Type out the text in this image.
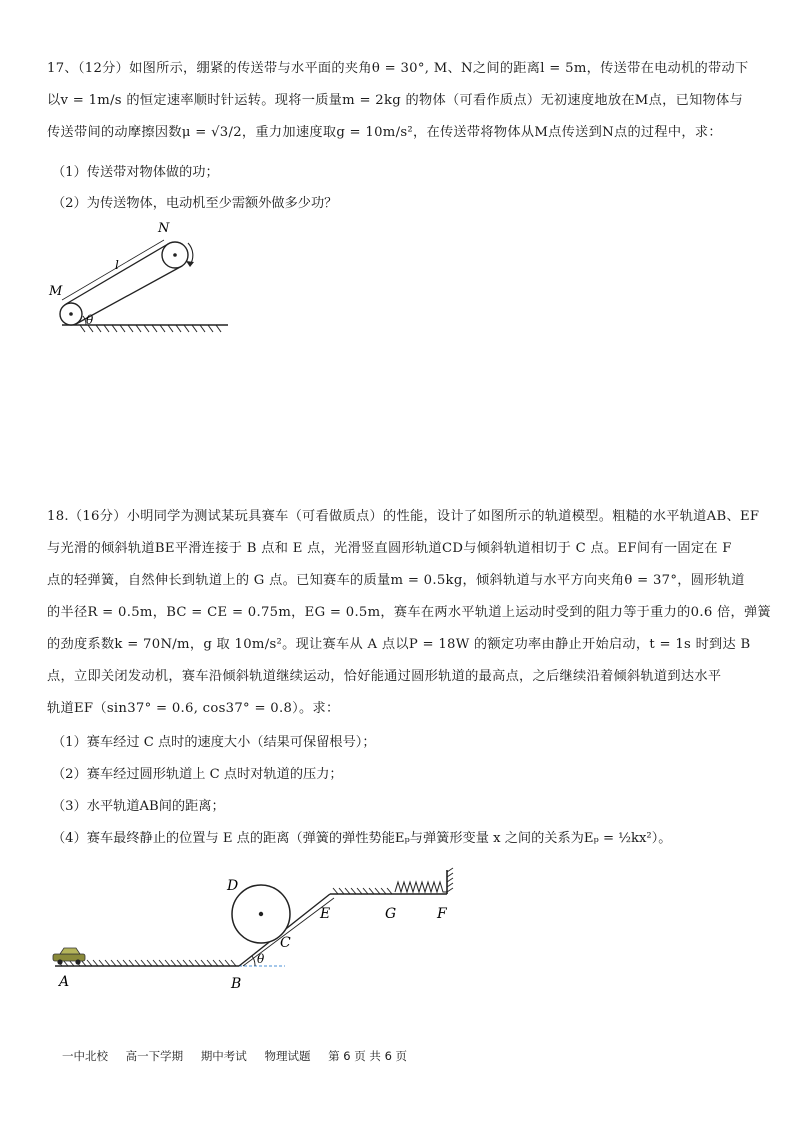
17、（12分）如图所示，绷紧的传送带与水平面的夹角θ = 30°, M、N之间的距离l = 5m，传送带在电动机的带动下
以v = 1m/s 的恒定速率顺时针运转。现将一质量m = 2kg 的物体（可看作质点）无初速度地放在M点，已知物体与
传送带间的动摩擦因数μ = √3/2，重力加速度取g = 10m/s²，在传送带将物体从M点传送到N点的过程中，求：
（1）传送带对物体做的功；
（2）为传送物体，电动机至少需额外做多少功？
θ
M
N
l
18.（16分）小明同学为测试某玩具赛车（可看做质点）的性能，设计了如图所示的轨道模型。粗糙的水平轨道AB、EF
与光滑的倾斜轨道BE平滑连接于 B 点和 E 点，光滑竖直圆形轨道CD与倾斜轨道相切于 C 点。EF间有一固定在 F
点的轻弹簧，自然伸长到轨道上的 G 点。已知赛车的质量m = 0.5kg，倾斜轨道与水平方向夹角θ = 37°，圆形轨道
的半径R = 0.5m，BC = CE = 0.75m，EG = 0.5m，赛车在两水平轨道上运动时受到的阻力等于重力的0.6 倍，弹簧
的劲度系数k = 70N/m，g 取 10m/s²。现让赛车从 A 点以P = 18W 的额定功率由静止开始启动，t = 1s 时到达 B
点，立即关闭发动机，赛车沿倾斜轨道继续运动，恰好能通过圆形轨道的最高点，之后继续沿着倾斜轨道到达水平
轨道EF（sin37° = 0.6, cos37° = 0.8）。求：
（1）赛车经过 C 点时的速度大小（结果可保留根号）；
（2）赛车经过圆形轨道上 C 点时对轨道的压力；
（3）水平轨道AB间的距离；
（4）赛车最终静止的位置与 E 点的距离（弹簧的弹性势能Eₚ与弹簧形变量 x 之间的关系为Eₚ = ½kx²）。
A	B
C
D
E	G	F
θ
一中北校 高一下学期 期中考试 物理试题 第 6 页 共 6 页
